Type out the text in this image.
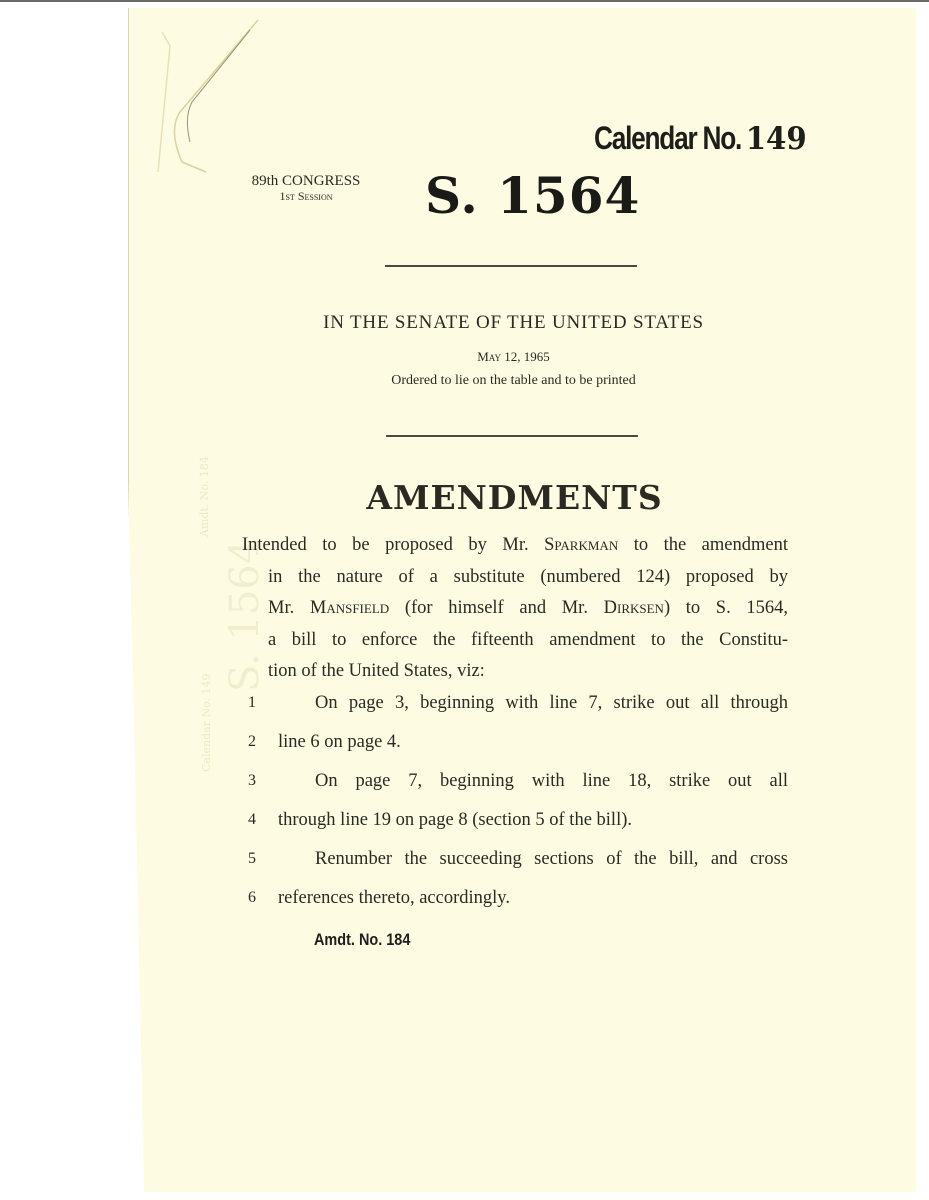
Amdt. No. 184
S. 1564
Calendar No. 149
Calendar No. 149
89th CONGRESS
1st Session	S. 1564
IN THE SENATE OF THE UNITED STATES
May 12, 1965
Ordered to lie on the table and to be printed
AMENDMENTS
Intended to be proposed by Mr. Sparkman to the amendment
in the nature of a substitute (numbered 124) proposed by
Mr. Mansfield (for himself and Mr. Dirksen) to S. 1564,
a bill to enforce the fifteenth amendment to the Constitu-
tion of the United States, viz:
1	On page 3, beginning with line 7, strike out all through
2	line 6 on page 4.
3	On page 7, beginning with line 18, strike out all
4	through line 19 on page 8 (section 5 of the bill).
5	Renumber the succeeding sections of the bill, and cross
6	references thereto, accordingly.
Amdt. No. 184
